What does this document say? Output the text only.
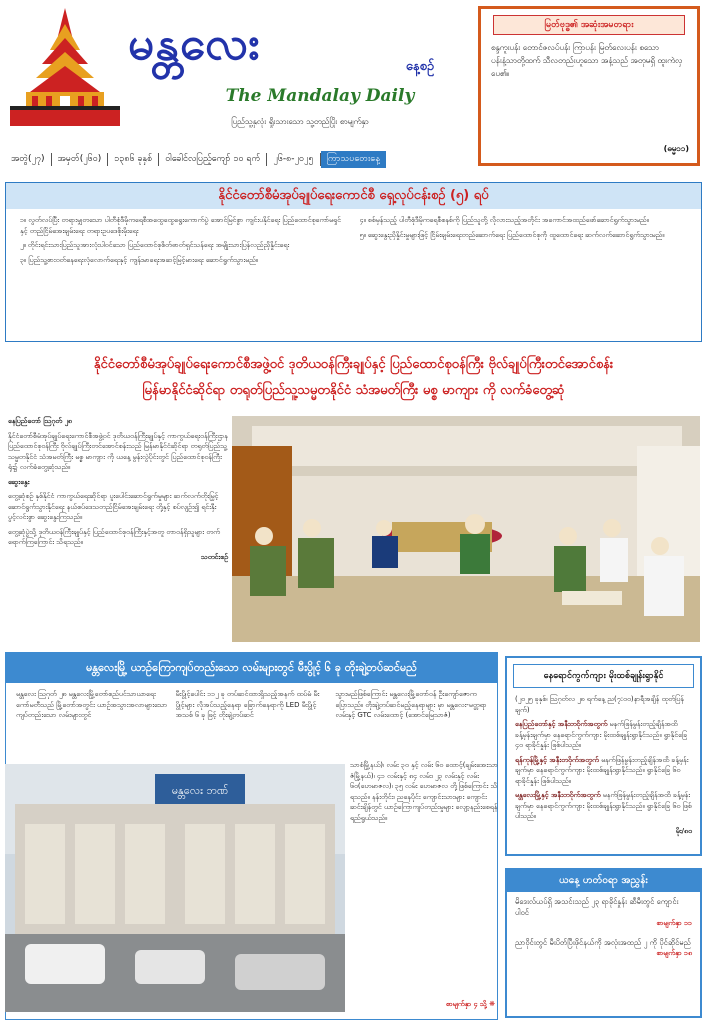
မန္တလေး	နေ့စဉ်
The Mandalay Daily
ပြည်သူ့နှလုံး ရှိုးသားသော သူ့တည်ပြိုး စာမျက်နှာ
အတွဲ(၂၇)	အမှတ်(၂၆၀)	၁၃၈၆ ခုနှစ်	ဝါခေါင်လပြည့်ကျော် ၁၀ ရက်	၂၆-၈-၂၀၂၅	ကြာသပတေးနေ့
မြတ်ဗုဒ္ဓ၏ အဆုံးအမတရား
စန္ဒကူးပန်း တောင်ဇလပ်ပန်း ကြာပန်း မြတ်လေးပန်း စသော ပန်းနံ့သာတို့ထက် သီလတည်းဟူသော အနံ့သည် အတုမရှိ ထူးကဲလှပေ၏။
(ဓမ္မ၁၁)
နိုင်ငံတော်စီမံအုပ်ချုပ်ရေးကောင်စီ ရှေ့လုပ်ငန်းစဉ် (၅) ရပ်

၁။ လွတ်လပ်ပြီး တရားမျှတသော ပါတီစုံဒီမိုကရေစီအထွေထွေရွေးကောက်ပွဲ အောင်မြင်စွာ ကျင်းပနိုင်ရေး ပြည်ထောင်စုကော်မရှင်နှင့် တည်ငြိမ်အေးချမ်းရေး တရားဥပဒေစိုးမိုးရေး

၂။ တိုင်းရင်းသားပြည်သူအားလုံးပါဝင်သော ပြည်ထောင်စုစိတ်ဓာတ်ရှင်သန်ရေး အမျိုးသားပြန်လည်ညှိနှိုင်းရေး

၃။ ပြည်သူ့စားဝတ်နေရေးလုံလောက်ရေးနှင့် ကျန်းမာရေးအဆင့်မြင့်မားရေး ဆောင်ရွက်သွားမည်။

၄။ စစ်မှန်သည့် ပါတီစုံဒီမိုကရေစီစနစ်ကို ပြည်သူတို့ လိုလားသည့်အတိုင်း အကောင်အထည်ဖော်ဆောင်ရွက်သွားမည်။

၅။ ဆွေးနွေးညှိနှိုင်းမှုများဖြင့် ငြိမ်းချမ်းရေးတည်ဆောက်ရေး ပြည်ထောင်စုကို ထူထောင်ရေး ဆက်လက်ဆောင်ရွက်သွားမည်။

နိုင်ငံတော်စီမံအုပ်ချုပ်ရေးကောင်စီအဖွဲ့ဝင် ဒုတိယဝန်ကြီးချုပ်နှင့် ပြည်ထောင်စုဝန်ကြီး ဗိုလ်ချုပ်ကြီးတင်အောင်စန်း
မြန်မာနိုင်ငံဆိုင်ရာ တရုတ်ပြည်သူ့သမ္မတနိုင်ငံ သံအမတ်ကြီး မစ္စ မာကျား ကို လက်ခံတွေ့ဆုံ

နေပြည်တော် ဩဂုတ် ၂၈

နိုင်ငံတော်စီမံအုပ်ချုပ်ရေးကောင်စီအဖွဲ့ဝင် ဒုတိယဝန်ကြီးချုပ်နှင့် ကာကွယ်ရေးဝန်ကြီးဌာန ပြည်ထောင်စုဝန်ကြီး ဗိုလ်ချုပ်ကြီးတင်အောင်စန်းသည် မြန်မာနိုင်ငံဆိုင်ရာ တရုတ်ပြည်သူ့သမ္မတနိုင်ငံ သံအမတ်ကြီး မစ္စ မာကျား ကို ယနေ့ မွန်းလွဲပိုင်းတွင် ပြည်ထောင်စုဝန်ကြီးရုံး၌ လက်ခံတွေ့ဆုံသည်။

ဆွေးနွေး

တွေ့ဆုံစဉ် နှစ်နိုင်ငံ ကာကွယ်ရေးဆိုင်ရာ ပူးပေါင်းဆောင်ရွက်မှုများ ဆက်လက်တိုးမြှင့်ဆောင်ရွက်သွားနိုင်ရေး နယ်စပ်ဒေသတည်ငြိမ်အေးချမ်းရေး တို့နှင့် စပ်လျဉ်း၍ ရင်းနှီးပွင့်လင်းစွာ ဆွေးနွေးကြသည်။

တွေ့ဆုံပွဲသို့ ဒုတိယဝန်ကြီးချုပ်နှင့် ပြည်ထောင်စုဝန်ကြီးနှင့်အတူ တာဝန်ရှိသူများ တက်ရောက်ကြကြောင်း သိရသည်။

သတင်းစဉ်

မန္တလေးမြို့ ယာဉ်ကြောကျပ်တည်းသော လမ်းများတွင် မီးပွိုင့် ၆ ခု တိုးချဲ့တပ်ဆင်မည်
မန္တလေး ဩဂုတ် ၂၈ မန္တလေးမြို့တော်စည်ပင်သာယာရေးကော်မတီသည် မြို့တော်အတွင်း ယာဉ်အသွားအလာများသော ကျပ်တည်းသော လမ်းများတွင်
မီးပွိုင့်ပေါင်း ၁၁၂ ခု တပ်ဆင်ထားရှိသည့်အနက် ထပ်မံ မီးပွိုင့်များ လိုအပ်သည့်နေရာ ခြောက်နေရာကို LED မီးပွိုင့်အသစ် ၆ ခု ဖြင့် တိုးချဲ့တပ်ဆင်
သွားမည်ဖြစ်ကြောင်း မန္တလေးမြို့တော်ဝန် ဦးကျော်ဇောက ပြောသည်။ တိုးချဲ့တပ်ဆင်မည့်နေရာများ မှာ မန္တလေး-မတ္တရာလမ်းနှင့် GTC လမ်းထောင့် (အောင်မြေသာဇံ)
မန္တလေး ဘဏ်
သာစံမြို့နယ်)၊ လမ်း ၃၀ နှင့် လမ်း ၆၀ ထောင့်(ချမ်းအေးသာဇံမြို့နယ်)၊ ၄၁ လမ်းနှင့် ၈၄ လမ်း၊ ၂၃ လမ်းနှင့် လမ်း ၆၀(ဟေမာဇလ)၊ ၃၅ လမ်း ဟေမာဇလ တို့ဖြစ်ကြောင်း သိရသည်။ နန်းတိုင်း၊ ညနေပိုင်း ကျောင်းသားများ ကျောင်းဆင်းချိန်တွင် ယာဉ်ကြောကျပ်တည်းမှုများ လျော့နည်းစေရန် ရည်ရွယ်သည်။
စာမျက်နှာ ၄ သို့ ❋
နေရောင်ကွက်ကျား မိုးထစ်ချုန်းရွာနိုင်

(၂၀၂၅ ခုနှစ်၊ ဩဂုတ်လ ၂၈ ရက်နေ့ ည(၇:၀၀)နာရီအချိန် ထုတ်ပြန်ချက်)

နေပြည်တော်နှင့် အနီးတဝိုက်အတွက် မနက်ဖြန်မွန်းတည့်ချိန်အထိ ခန့်မှန်းချက်မှာ နေရောင်ကွက်ကျား မိုးထစ်ချုန်းရွာနိုင်သည်။ ရွာနိုင်ခြေ ၄၀ ရာခိုင်နှုန်း ဖြစ်ပါသည်။

ရန်ကုန်မြို့နှင့် အနီးတဝိုက်အတွက် မနက်ဖြန်မွန်းတည့်ချိန်အထိ ခန့်မှန်းချက်မှာ နေရောင်ကွက်ကျား မိုးထစ်ချုန်းရွာနိုင်သည်။ ရွာနိုင်ခြေ ၆၀ ရာခိုင်နှုန်း ဖြစ်ပါသည်။

မန္တလေးမြို့နှင့် အနီးတဝိုက်အတွက် မနက်ဖြန်မွန်းတည့်ချိန်အထိ ခန့်မှန်းချက်မှာ နေရောင်ကွက်ကျား မိုးထစ်ချုန်းရွာနိုင်သည်။ ရွာနိုင်ခြေ ၆၀ ဖြစ်ပါသည်။

မိုး/၈၀

ယနေ့ ဟတ်ဝရာ အညွှန်း
မိဒေးလ်ယပ်ရှိ အသင်းသည် ၂၃ ရာခိုင်နှုန်း ဆီမီးတွင် ကျောင်းပါဝင်
စာမျက်နှာ ၁၁
ညာဝိုင်းတွင် မီးပိတ်ပြီးဖိုင်နယ်ကို အလုံးအထည် ၂ ကို ပိုင်ဆိုင်မည်
စာမျက်နှာ ၁၈
